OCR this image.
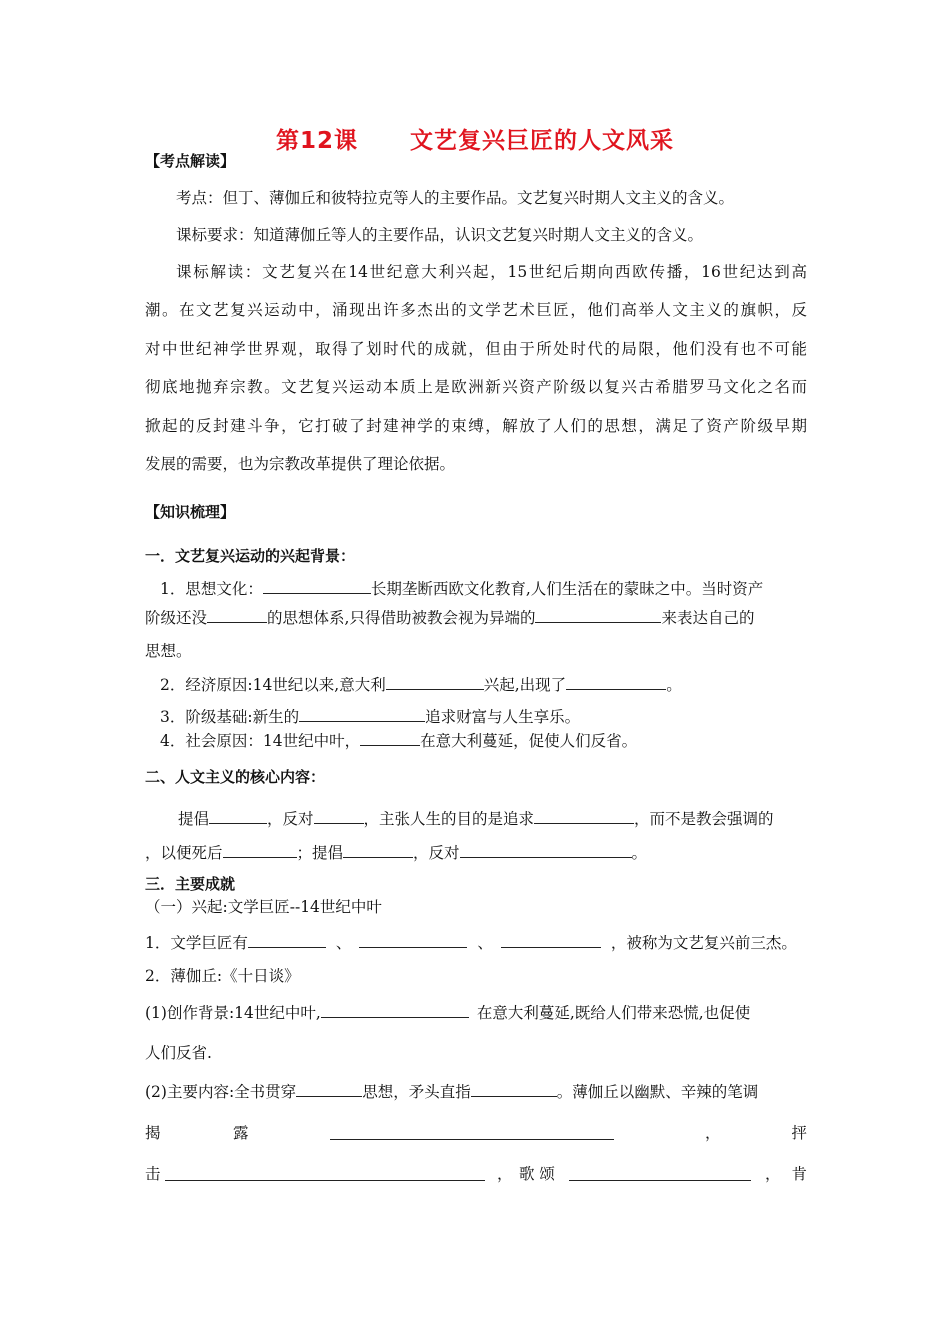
第12课 文艺复兴巨匠的人文风采
【考点解读】
考点：但丁、薄伽丘和彼特拉克等人的主要作品。文艺复兴时期人文主义的含义。
课标要求：知道薄伽丘等人的主要作品，认识文艺复兴时期人文主义的含义。
课标解读：文艺复兴在14世纪意大利兴起，15世纪后期向西欧传播，16世纪达到高
潮。在文艺复兴运动中，涌现出许多杰出的文学艺术巨匠，他们高举人文主义的旗帜，反
对中世纪神学世界观，取得了划时代的成就，但由于所处时代的局限，他们没有也不可能
彻底地抛弃宗教。文艺复兴运动本质上是欧洲新兴资产阶级以复兴古希腊罗马文化之名而
掀起的反封建斗争，它打破了封建神学的束缚，解放了人们的思想，满足了资产阶级早期
发展的需要，也为宗教改革提供了理论依据。
【知识梳理】
一．文艺复兴运动的兴起背景：
1．思想文化：	长期垄断西欧文化教育,人们生活在的蒙昧之中。当时资产
阶级还没	的思想体系,只得借助被教会视为异端的	来表达自己的
思想。
2．经济原因:14世纪以来,意大利	兴起,出现了	。
3．阶级基础:新生的	追求财富与人生享乐。
4．社会原因：14世纪中叶，	在意大利蔓延，促使人们反省。
二、人文主义的核心内容：
提倡	，反对	，主张人生的目的是追求	，而不是教会强调的
，以便死后	；提倡	，反对	。
三．主要成就
（一）兴起:文学巨匠--14世纪中叶
1．文学巨匠有	、	、	，被称为文艺复兴前三杰。
2．薄伽丘:《十日谈》
(1)创作背景:14世纪中叶,	在意大利蔓延,既给人们带来恐慌,也促使
人们反省.
(2)主要内容:全书贯穿	思想，矛头直指	。薄伽丘以幽默、辛辣的笔调
揭	露	，	抨
击	， 歌 颂	， 肯
